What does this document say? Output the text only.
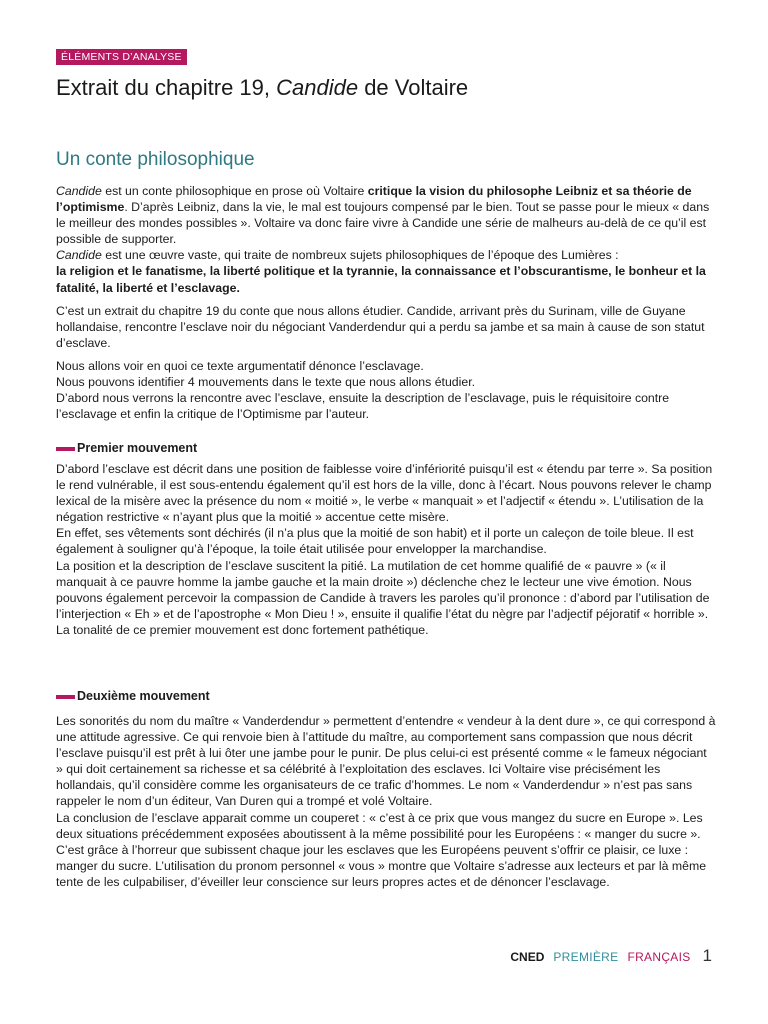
ÉLÉMENTS D’ANALYSE
Extrait du chapitre 19, Candide de Voltaire
Un conte philosophique

Candide est un conte philosophique en prose où Voltaire critique la vision du philosophe Leibniz et sa théorie de l’optimisme. D’après Leibniz, dans la vie, le mal est toujours compensé par le bien. Tout se passe pour le mieux « dans le meilleur des mondes possibles ». Voltaire va donc faire vivre à Candide une série de malheurs au-delà de ce qu’il est possible de supporter.
Candide est une œuvre vaste, qui traite de nombreux sujets philosophiques de l’époque des Lumières :
la religion et le fanatisme, la liberté politique et la tyrannie, la connaissance et l’obscurantisme, le bonheur et la fatalité, la liberté et l’esclavage.

C’est un extrait du chapitre 19 du conte que nous allons étudier. Candide, arrivant près du Surinam, ville de Guyane hollandaise, rencontre l’esclave noir du négociant Vanderdendur qui a perdu sa jambe et sa main à cause de son statut d’esclave.

Nous allons voir en quoi ce texte argumentatif dénonce l’esclavage.
Nous pouvons identifier 4 mouvements dans le texte que nous allons étudier.
D’abord nous verrons la rencontre avec l’esclave, ensuite la description de l’esclavage, puis le réquisitoire contre l’esclavage et enfin la critique de l’Optimisme par l’auteur.

Premier mouvement

D’abord l’esclave est décrit dans une position de faiblesse voire d’infériorité puisqu’il est « étendu par terre ». Sa position le rend vulnérable, il est sous-entendu également qu’il est hors de la ville, donc à l’écart. Nous pouvons relever le champ lexical de la misère avec la présence du nom « moitié », le verbe « manquait » et l’adjectif « étendu ». L’utilisation de la négation restrictive « n’ayant plus que la moitié » accentue cette misère.
En effet, ses vêtements sont déchirés (il n’a plus que la moitié de son habit) et il porte un caleçon de toile bleue. Il est également à souligner qu’à l’époque, la toile était utilisée pour envelopper la marchandise.
La position et la description de l’esclave suscitent la pitié. La mutilation de cet homme qualifié de « pauvre » (« il manquait à ce pauvre homme la jambe gauche et la main droite ») déclenche chez le lecteur une vive émotion. Nous pouvons également percevoir la compassion de Candide à travers les paroles qu’il prononce : d’abord par l’utilisation de l’interjection « Eh » et de l’apostrophe « Mon Dieu ! », ensuite il qualifie l’état du nègre par l’adjectif péjoratif « horrible ». La tonalité de ce premier mouvement est donc fortement pathétique.

Deuxième mouvement

Les sonorités du nom du maître « Vanderdendur » permettent d’entendre « vendeur à la dent dure », ce qui correspond à une attitude agressive. Ce qui renvoie bien à l’attitude du maître, au comportement sans compassion que nous décrit l’esclave puisqu’il est prêt à lui ôter une jambe pour le punir. De plus celui-ci est présenté comme « le fameux négociant » qui doit certainement sa richesse et sa célébrité à l’exploitation des esclaves. Ici Voltaire vise précisément les hollandais, qu’il considère comme les organisateurs de ce trafic d’hommes. Le nom « Vanderdendur » n’est pas sans rappeler le nom d’un éditeur, Van Duren qui a trompé et volé Voltaire.
La conclusion de l’esclave apparait comme un couperet : « c’est à ce prix que vous mangez du sucre en Europe ». Les deux situations précédemment exposées aboutissent à la même possibilité pour les Européens : « manger du sucre ». C’est grâce à l’horreur que subissent chaque jour les esclaves que les Européens peuvent s’offrir ce plaisir, ce luxe : manger du sucre. L’utilisation du pronom personnel « vous » montre que Voltaire s’adresse aux lecteurs et par là même tente de les culpabiliser, d’éveiller leur conscience sur leurs propres actes et de dénoncer l’esclavage.

CNED PREMIÈRE FRANÇAIS 1
